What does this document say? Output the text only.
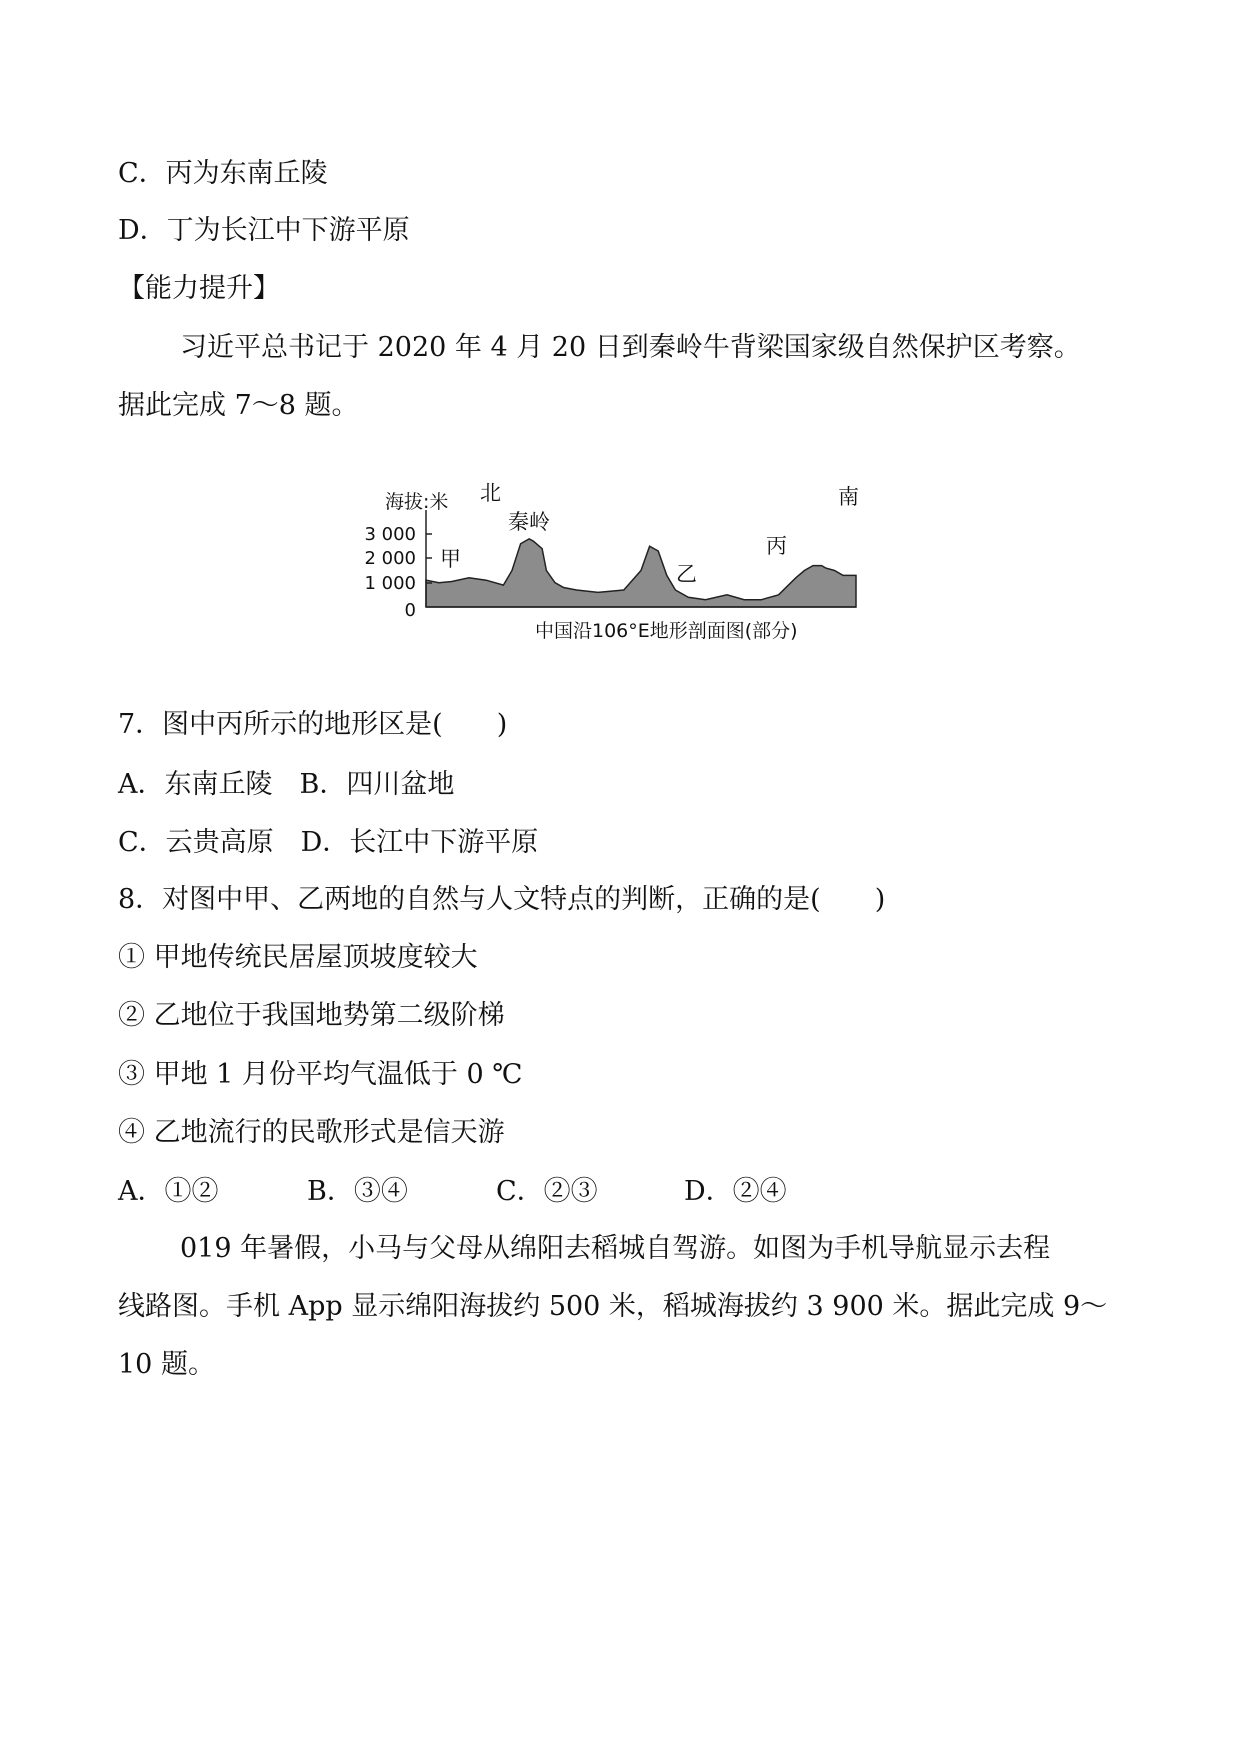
C．丙为东南丘陵
D．丁为长江中下游平原
【能力提升】
习近平总书记于 2020 年 4 月 20 日到秦岭牛背梁国家级自然保护区考察。
据此完成 7～8 题。
海拔:米 北	南
3 000
2 000
1 000
0
秦岭
甲
乙
丙
中国沿106°E地形剖面图(部分)
7．图中丙所示的地形区是(　　)
A．东南丘陵　B．四川盆地
C．云贵高原　D．长江中下游平原
8．对图中甲、乙两地的自然与人文特点的判断，正确的是(　　)
① 甲地传统民居屋顶坡度较大
② 乙地位于我国地势第二级阶梯
③ 甲地 1 月份平均气温低于 0 ℃
④ 乙地流行的民歌形式是信天游
A．①②	B．③④	C．②③	D．②④
019 年暑假，小马与父母从绵阳去稻城自驾游。如图为手机导航显示去程
线路图。手机 App 显示绵阳海拔约 500 米，稻城海拔约 3 900 米。据此完成 9～
10 题。
